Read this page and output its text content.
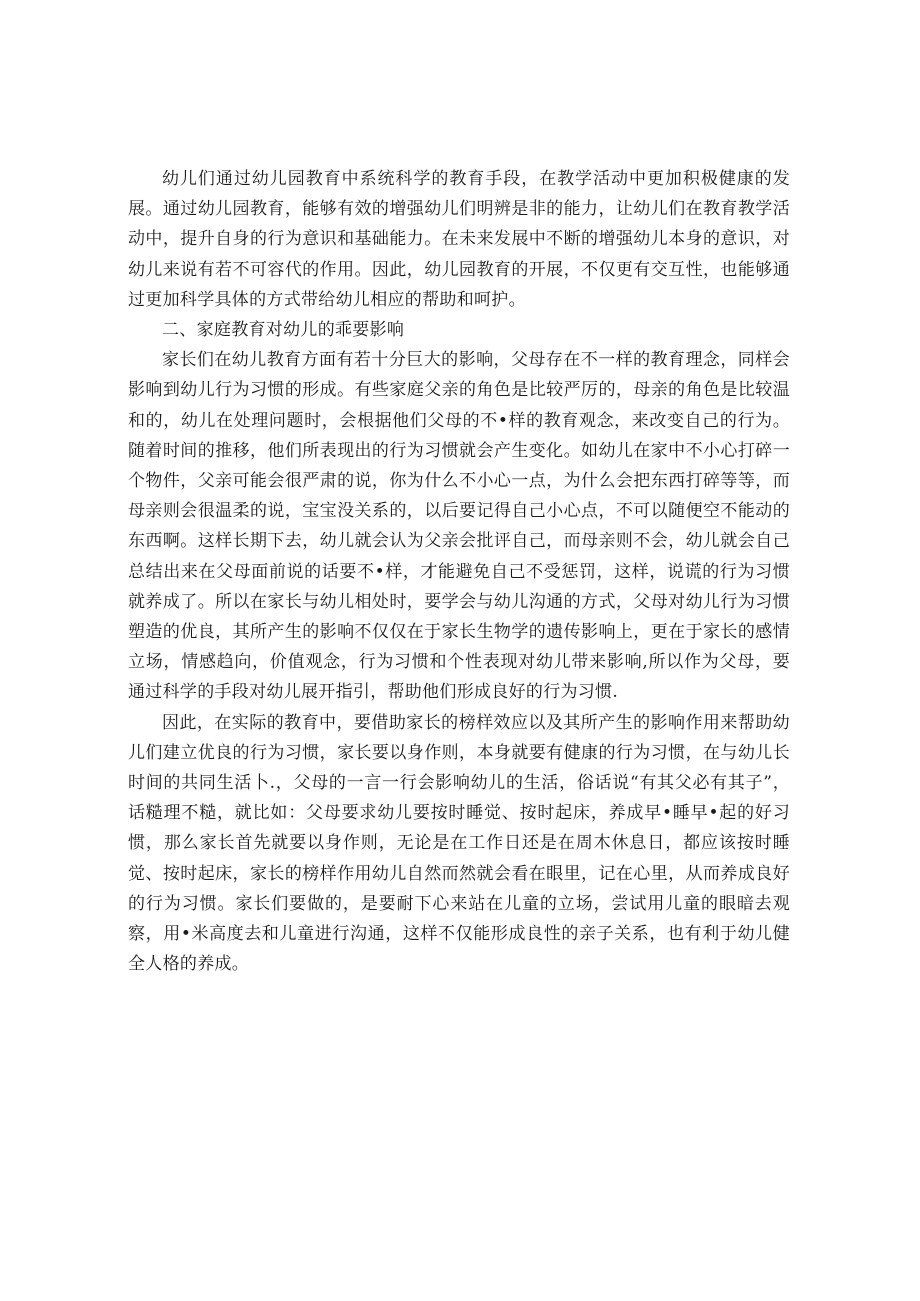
幼儿们通过幼儿园教育中系统科学的教育手段，在教学活动中更加积极健康的发展。通过幼儿园教育，能够有效的增强幼儿们明辨是非的能力，让幼儿们在教育教学活动中，提升自身的行为意识和基础能力。在未来发展中不断的增强幼儿本身的意识，对幼儿来说有若不可容代的作用。因此，幼儿园教育的开展，不仅更有交互性，也能够通过更加科学具体的方式带给幼儿相应的帮助和呵护。

二、家庭教育对幼儿的乖要影响

家长们在幼儿教育方面有若十分巨大的影响，父母存在不一样的教育理念，同样会影响到幼儿行为习惯的形成。有些家庭父亲的角色是比较严厉的，母亲的角色是比较温和的，幼儿在处理问题时，会根据他们父母的不•样的教育观念，来改变自己的行为。随着时间的推移，他们所表现出的行为习惯就会产生变化。如幼儿在家中不小心打碎一个物件，父亲可能会很严肃的说，你为什么不小心一点，为什么会把东西打碎等等，而母亲则会很温柔的说，宝宝没关系的，以后要记得自己小心点，不可以随便空不能动的东西啊。这样长期下去，幼儿就会认为父亲会批评自己，而母亲则不会，幼儿就会自己总结出来在父母面前说的话要不•样，才能避免自己不受惩罚，这样，说谎的行为习惯就养成了。所以在家长与幼儿相处时，要学会与幼儿沟通的方式，父母对幼儿行为习惯塑造的优良，其所产生的影响不仅仅在于家长生物学的遗传影响上，更在于家长的感情立场，情感趋向，价值观念，行为习惯和个性表现对幼儿带来影响,所以作为父母，要通过科学的手段对幼儿展开指引，帮助他们形成良好的行为习惯.

因此，在实际的教育中，要借助家长的榜样效应以及其所产生的影响作用来帮助幼儿们建立优良的行为习惯，家长要以身作则，本身就要有健康的行为习惯，在与幼儿长时间的共同生活卜.，父母的一言一行会影响幼儿的生活，俗话说“有其父必有其子”，话糙理不糙，就比如：父母要求幼儿要按时睡觉、按时起床，养成早•睡早•起的好习惯，那么家长首先就要以身作则，无论是在工作日还是在周木休息日，都应该按时睡觉、按时起床，家长的榜样作用幼儿自然而然就会看在眼里，记在心里，从而养成良好的行为习惯。家长们要做的，是要耐下心来站在儿童的立场，尝试用儿童的眼暗去观察，用•米高度去和儿童进行沟通，这样不仅能形成良性的亲子关系，也有利于幼儿健全人格的养成。
